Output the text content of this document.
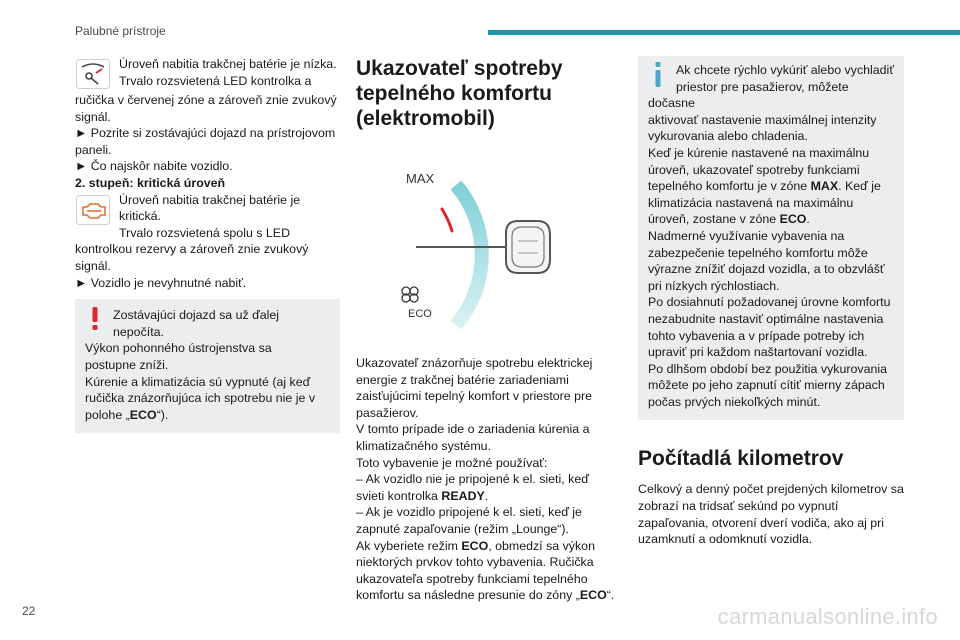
Palubné prístroje

Úroveň nabitia trakčnej batérie je nízka.

Trvalo rozsvietená LED kontrolka a

ručička v červenej zóne a zároveň znie zvukový signál.

► Pozrite si zostávajúci dojazd na prístrojovom paneli.

► Čo najskôr nabite vozidlo.

2. stupeň: kritická úroveň

Úroveň nabitia trakčnej batérie je kritická.

Trvalo rozsvietená spolu s LED

kontrolkou rezervy a zároveň znie zvukový signál.

► Vozidlo je nevyhnutné nabiť.

Zostávajúci dojazd sa už ďalej nepočíta.

Výkon pohonného ústrojenstva sa

postupne zníži.

Kúrenie a klimatizácia sú vypnuté (aj keď ručička znázorňujúca ich spotrebu nie je v polohe „ECO“).

Ukazovateľ spotreby tepelného komfortu (elektromobil)
MAX
ECO

Ukazovateľ znázorňuje spotrebu elektrickej energie z trakčnej batérie zariadeniami zaisťujúcimi tepelný komfort v priestore pre pasažierov.

V tomto prípade ide o zariadenia kúrenia a klimatizačného systému.

Toto vybavenie je možné používať:

– Ak vozidlo nie je pripojené k el. sieti, keď svieti kontrolka READY.

– Ak je vozidlo pripojené k el. sieti, keď je zapnuté zapaľovanie (režim „Lounge“).

Ak vyberiete režim ECO, obmedzí sa výkon niektorých prvkov tohto vybavenia. Ručička ukazovateľa spotreby funkciami tepelného komfortu sa následne presunie do zóny „ECO“.

Ak chcete rýchlo vykúriť alebo vychladiť

priestor pre pasažierov, môžete dočasne

aktivovať nastavenie maximálnej intenzity vykurovania alebo chladenia.

Keď je kúrenie nastavené na maximálnu úroveň, ukazovateľ spotreby funkciami tepelného komfortu je v zóne MAX. Keď je klimatizácia nastavená na maximálnu úroveň, zostane v zóne ECO.

Nadmerné využívanie vybavenia na zabezpečenie tepelného komfortu môže výrazne znížiť dojazd vozidla, a to obzvlášť pri nízkych rýchlostiach.

Po dosiahnutí požadovanej úrovne komfortu nezabudnite nastaviť optimálne nastavenia tohto vybavenia a v prípade potreby ich upraviť pri každom naštartovaní vozidla.

Po dlhšom období bez použitia vykurovania môžete po jeho zapnutí cítiť mierny zápach počas prvých niekoľkých minút.

Počítadlá kilometrov

Celkový a denný počet prejdených kilometrov sa zobrazí na tridsať sekúnd po vypnutí zapaľovania, otvorení dverí vodiča, ako aj pri uzamknutí a odomknutí vozidla.

22	carmanualsonline.info
